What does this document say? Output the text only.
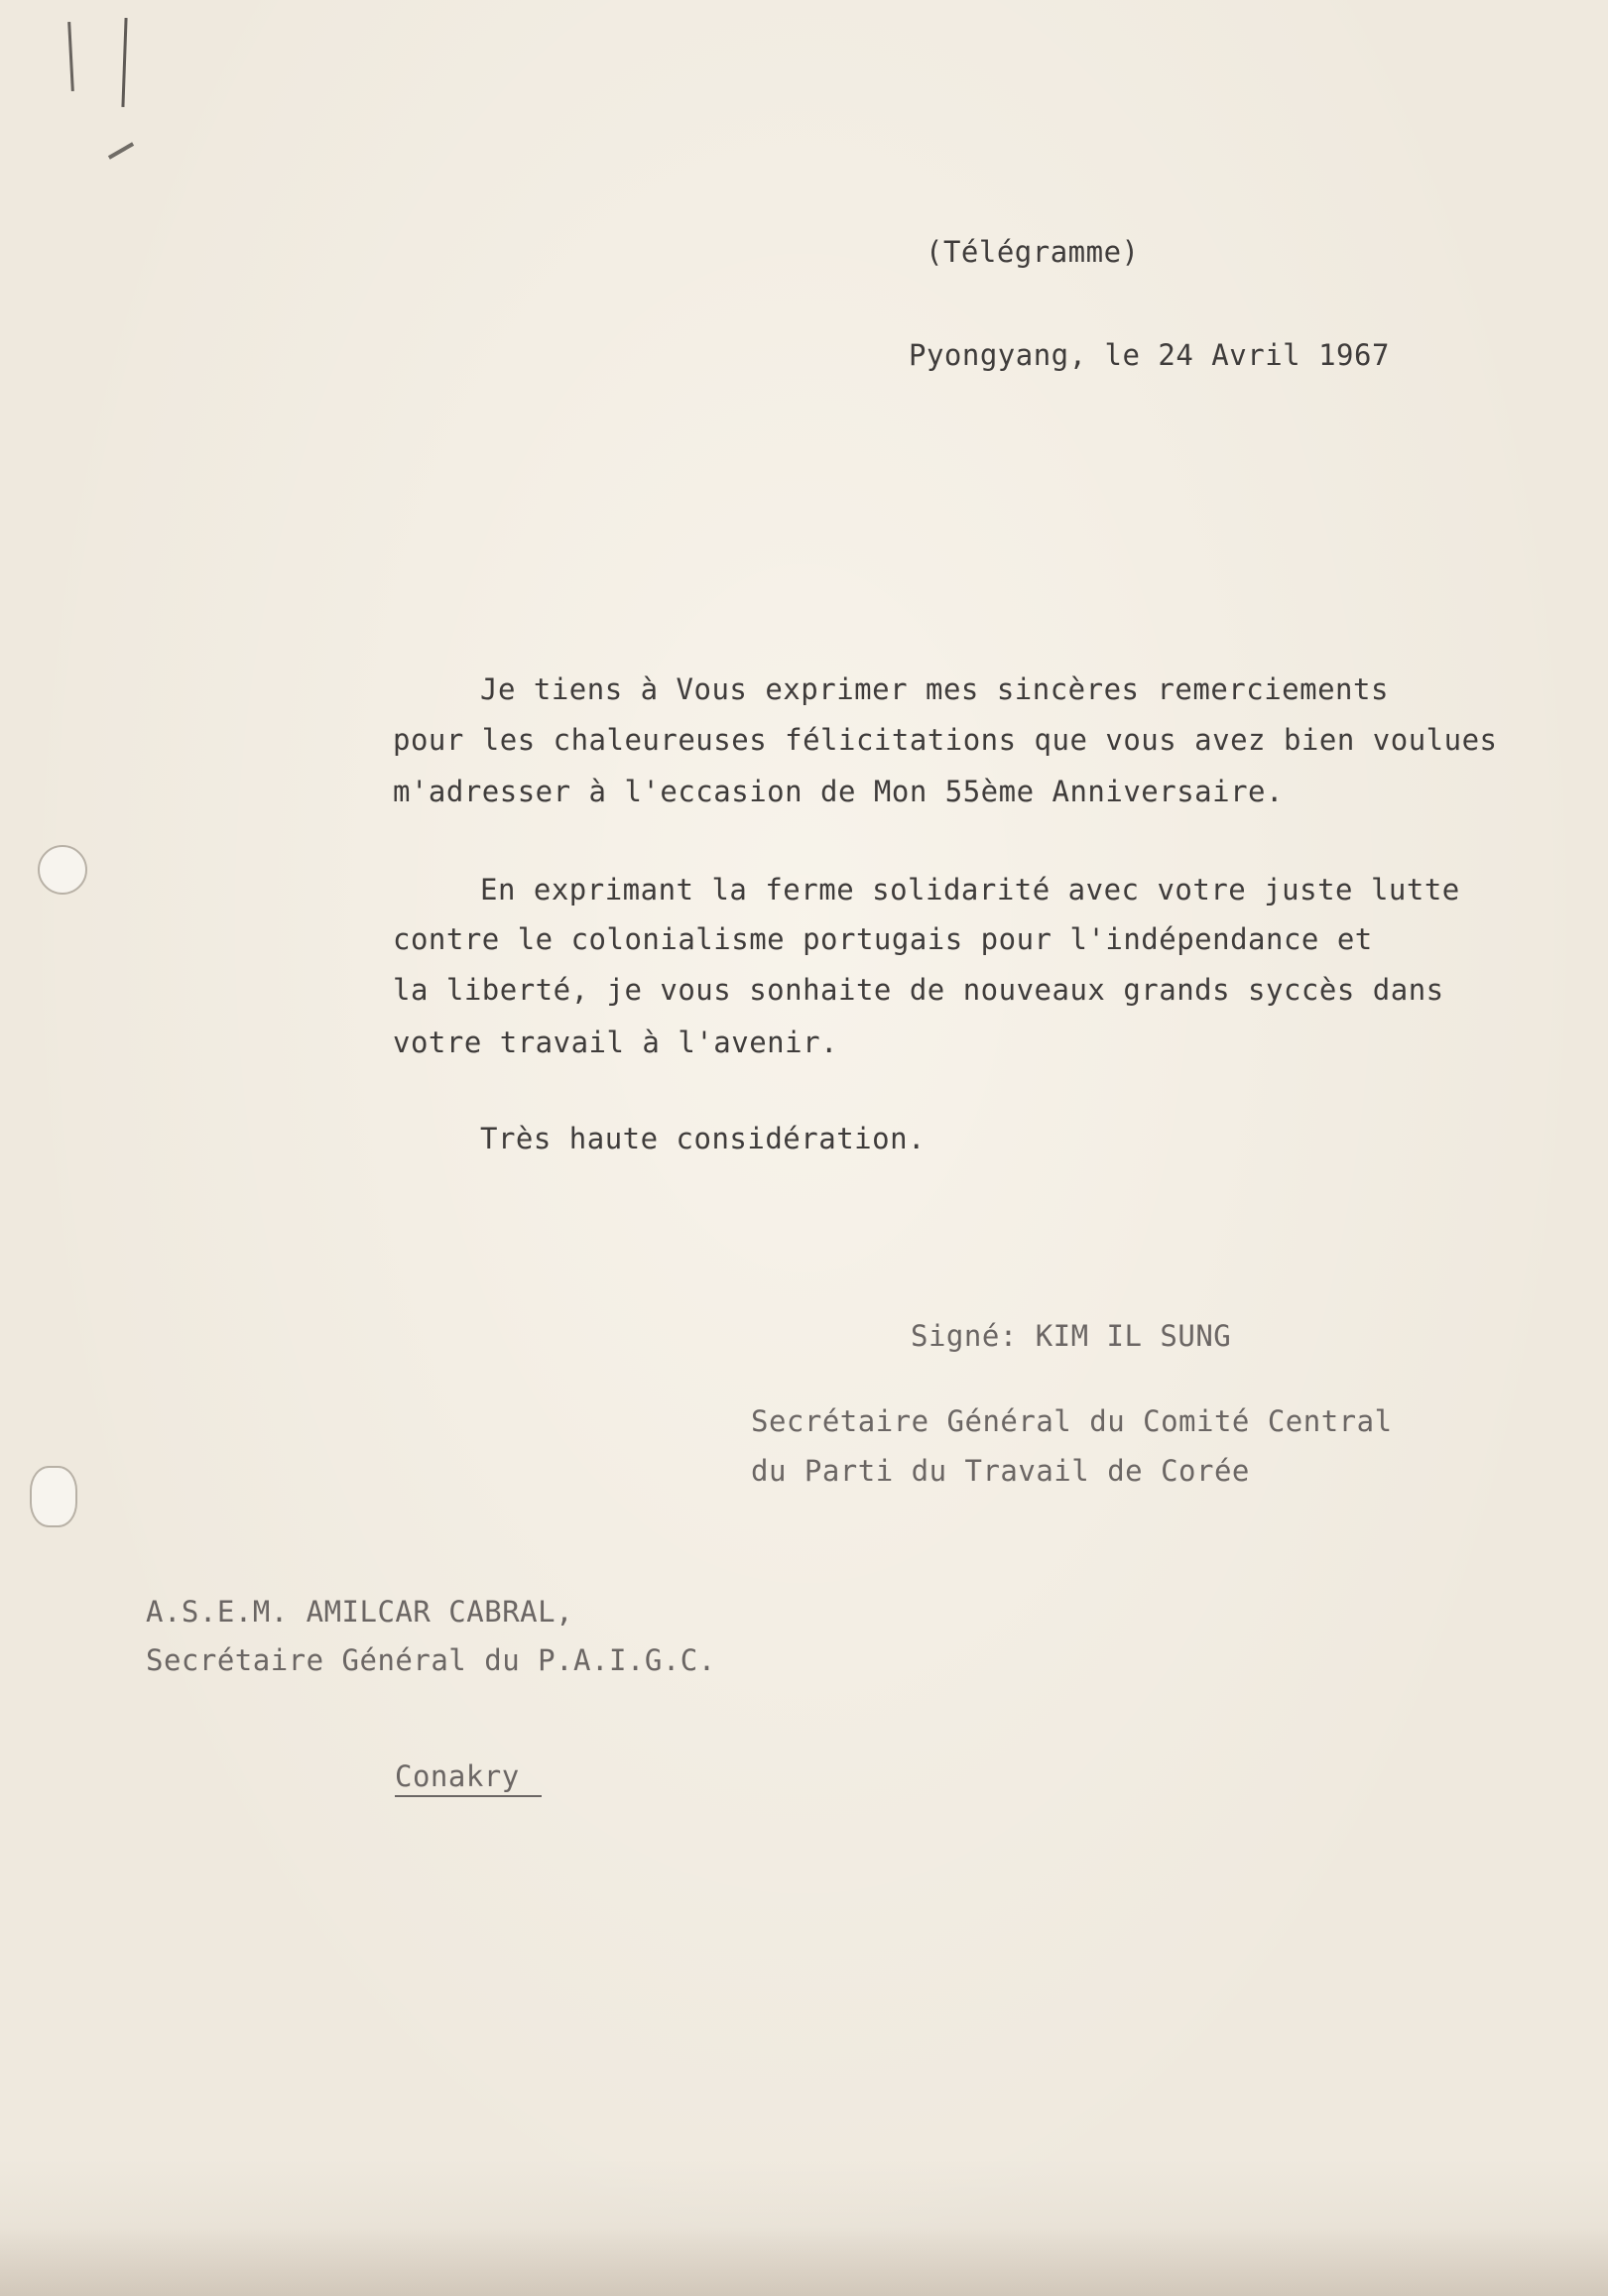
(Télégramme)
Pyongyang, le 24 Avril 1967
Je tiens à Vous exprimer mes sincères remerciements
pour les chaleureuses félicitations que vous avez bien voulues
m'adresser à l'eccasion de Mon 55ème Anniversaire.
En exprimant la ferme solidarité avec votre juste lutte
contre le colonialisme portugais pour l'indépendance et
la liberté, je vous sonhaite de nouveaux grands syccès dans
votre travail à l'avenir.
Très haute considération.
Signé: KIM IL SUNG
Secrétaire Général du Comité Central
du Parti du Travail de Corée
A.S.E.M. AMILCAR CABRAL,
Secrétaire Général du P.A.I.G.C.
Conakry
